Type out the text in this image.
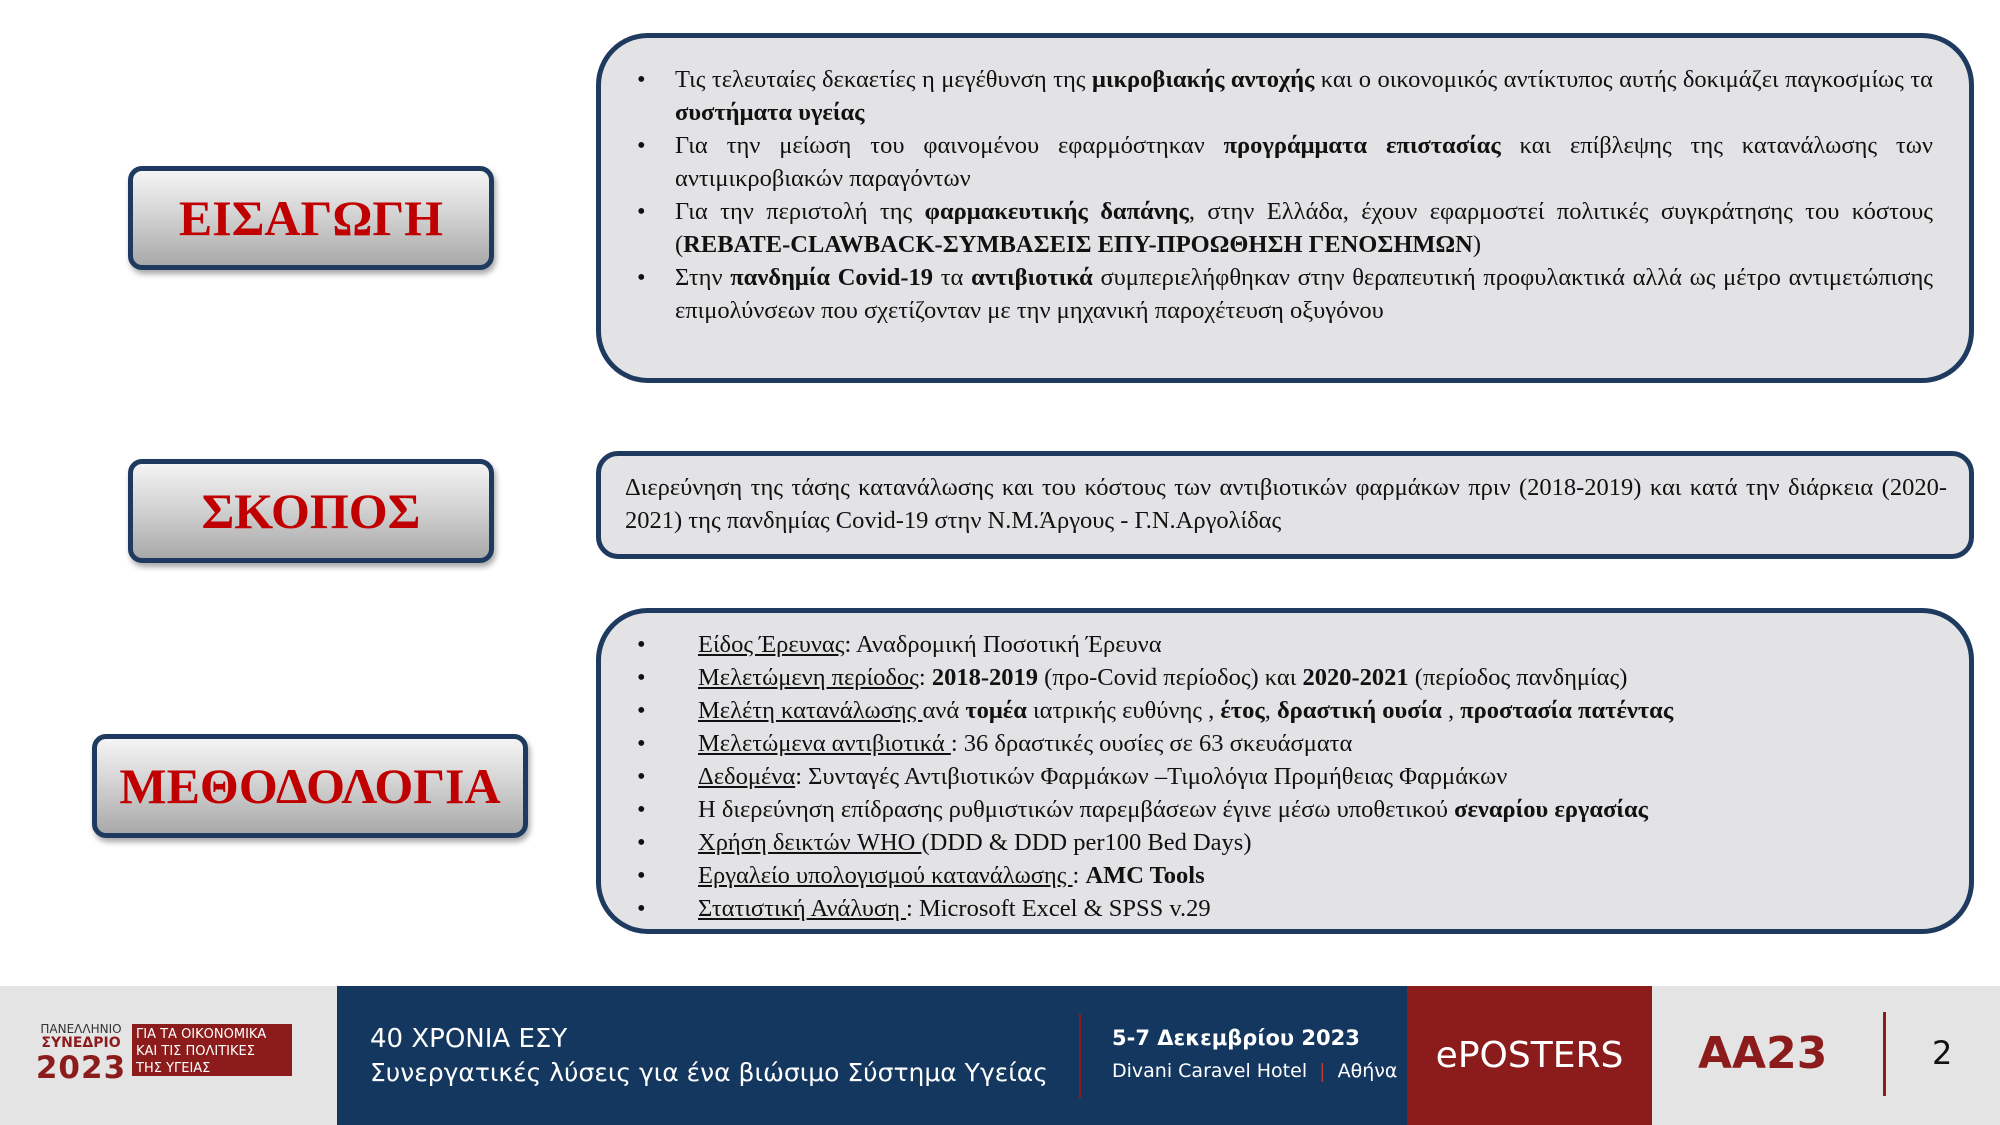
ΕΙΣΑΓΩΓΗ
• Τις τελευταίες δεκαετίες η μεγέθυνση της μικροβιακής αντοχής και ο οικονομικός αντίκτυπος αυτής δοκιμάζει παγκοσμίως τα συστήματα υγείας
• Για την μείωση του φαινομένου εφαρμόστηκαν προγράμματα επιστασίας και επίβλεψης της κατανάλωσης των αντιμικροβιακών παραγόντων
• Για την περιστολή της φαρμακευτικής δαπάνης, στην Ελλάδα, έχουν εφαρμοστεί πολιτικές συγκράτησης του κόστους (REBATE-CLAWBACK-ΣΥΜΒΑΣΕΙΣ ΕΠΥ-ΠΡΟΩΘΗΣΗ ΓΕΝΟΣΗΜΩΝ)
• Στην πανδημία Covid-19 τα αντιβιοτικά συμπεριελήφθηκαν στην θεραπευτική προφυλακτικά αλλά ως μέτρο αντιμετώπισης επιμολύνσεων που σχετίζονταν με την μηχανική παροχέτευση οξυγόνου
ΣΚΟΠΟΣ	Διερεύνηση της τάσης κατανάλωσης και του κόστους των αντιβιοτικών φαρμάκων πριν (2018-2019) και κατά την διάρκεια (2020-2021) της πανδημίας Covid-19 στην Ν.Μ.Άργους - Γ.Ν.Αργολίδας
ΜΕΘΟΔΟΛΟΓΙΑ
• Είδος Έρευνας: Αναδρομική Ποσοτική Έρευνα
• Μελετώμενη περίοδος: 2018-2019 (προ-Covid περίοδος) και 2020-2021 (περίοδος πανδημίας)
• Μελέτη κατανάλωσης ανά τομέα ιατρικής ευθύνης , έτος, δραστική ουσία , προστασία πατέντας
• Μελετώμενα αντιβιοτικά : 36 δραστικές ουσίες σε 63 σκευάσματα
• Δεδομένα: Συνταγές Αντιβιοτικών Φαρμάκων –Τιμολόγια Προμήθειας Φαρμάκων
• Η διερεύνηση επίδρασης ρυθμιστικών παρεμβάσεων έγινε μέσω υποθετικού σεναρίου εργασίας
• Χρήση δεικτών WHO (DDD & DDD per100 Bed Days)
• Εργαλείο υπολογισμού κατανάλωσης : AMC Tools
• Στατιστική Ανάλυση : Microsoft Excel & SPSS v.29
ΠΑΝΕΛΛΗΝΙΟ
ΣΥΝΕΔΡΙΟ
2023
ΓΙΑ ΤΑ ΟΙΚΟΝΟΜΙΚΑ
ΚΑΙ ΤΙΣ ΠΟΛΙΤΙΚΕΣ
ΤΗΣ ΥΓΕΙΑΣ
40 ΧΡΟΝΙΑ ΕΣΥ
Συνεργατικές λύσεις για ένα βιώσιμο Σύστημα Υγείας
5-7 Δεκεμβρίου 2023
Divani Caravel Hotel | Αθήνα	ePOSTERS	AA23	2
